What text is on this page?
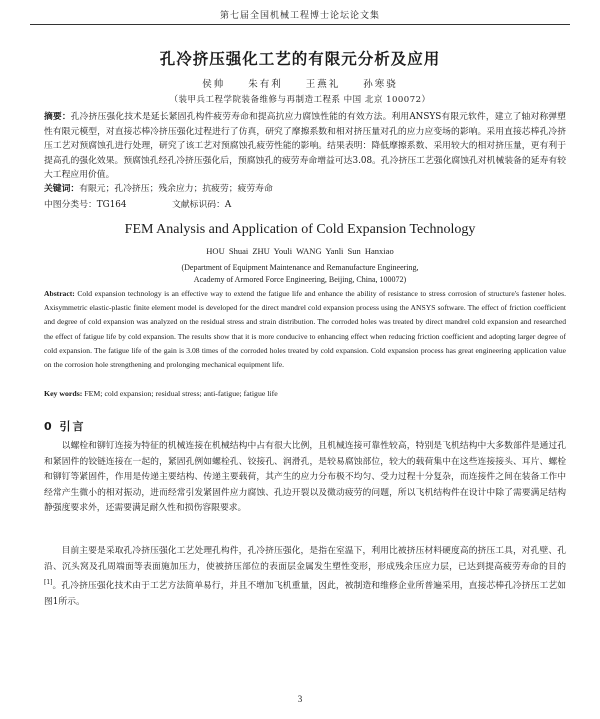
第七届全国机械工程博士论坛论文集
孔冷挤压强化工艺的有限元分析及应用
侯帅 朱有利 王燕礼 孙寒骁
（装甲兵工程学院装备维修与再制造工程系 中国 北京 100072）
摘要：孔冷挤压强化技术是延长紧固孔构件疲劳寿命和提高抗应力腐蚀性能的有效方法。利用ANSYS有限元软件，建立了轴对称弹塑性有限元模型，对直接芯棒冷挤压强化过程进行了仿真，研究了摩擦系数和相对挤压量对孔的应力应变场的影响。采用直接芯棒孔冷挤压工艺对预腐蚀孔进行处理，研究了该工艺对预腐蚀孔疲劳性能的影响。结果表明：降低摩擦系数、采用较大的相对挤压量，更有利于提高孔的强化效果。预腐蚀孔经孔冷挤压强化后，预腐蚀孔的疲劳寿命增益可达3.08。孔冷挤压工艺强化腐蚀孔对机械装备的延寿有较大工程应用价值。
关键词：有限元；孔冷挤压；残余应力；抗疲劳；疲劳寿命
中图分类号：TG164	文献标识码：A
FEM Analysis and Application of Cold Expansion Technology
HOU Shuai ZHU Youli WANG Yanli Sun Hanxiao
(Department of Equipment Maintenance and Remanufacture Engineering,
Academy of Armored Force Engineering, Beijing, China, 100072)
Abstract: Cold expansion technology is an effective way to extend the fatigue life and enhance the ability of resistance to stress corrosion of structure's fastener holes. Axisymmetric elastic-plastic finite element model is developed for the direct mandrel cold expansion process using the ANSYS software. The effect of friction coefficient and degree of cold expansion was analyzed on the residual stress and strain distribution. The corroded holes was treated by direct mandrel cold expansion and researched the effect of fatigue life by cold expansion. The results show that it is more conducive to enhancing effect when reducing friction coefficient and adopting larger degree of cold expansion. The fatigue life of the gain is 3.08 times of the corroded holes treated by cold expansion. Cold expansion process has great engineering application value on the corrosion hole strengthening and prolonging mechanical equipment life.
Key words: FEM; cold expansion; residual stress; anti-fatigue; fatigue life
0 引言
以螺栓和铆钉连接为特征的机械连接在机械结构中占有很大比例，且机械连接可靠性较高，特别是飞机结构中大多数部件是通过孔和紧固件的铰链连接在一起的，紧固孔例如螺栓孔、铰接孔、润滑孔，是较易腐蚀部位，较大的载荷集中在这些连接接头、耳片、螺栓和铆钉等紧固件，作用是传递主要结构、传递主要载荷，其产生的应力分布极不均匀、受力过程十分复杂，而连接件之间在装备工作中经常产生微小的相对振动，进而经常引发紧固件应力腐蚀、孔边开裂以及微动疲劳的问题，所以飞机结构件在设计中除了需要满足结构静强度要求外，还需要满足耐久性和损伤容限要求。
目前主要是采取孔冷挤压强化工艺处理孔构件，孔冷挤压强化，是指在室温下，利用比被挤压材料硬度高的挤压工具，对孔壁、孔沿、沉头窝及孔周端面等表面施加压力，使被挤压部位的表面层金属发生塑性变形，形成残余压应力层，已达到提高疲劳寿命的目的[1]。孔冷挤压强化技术由于工艺方法简单易行，并且不增加飞机重量，因此，被制造和维修企业所普遍采用，直接芯棒孔冷挤压工艺如图1所示。
3
